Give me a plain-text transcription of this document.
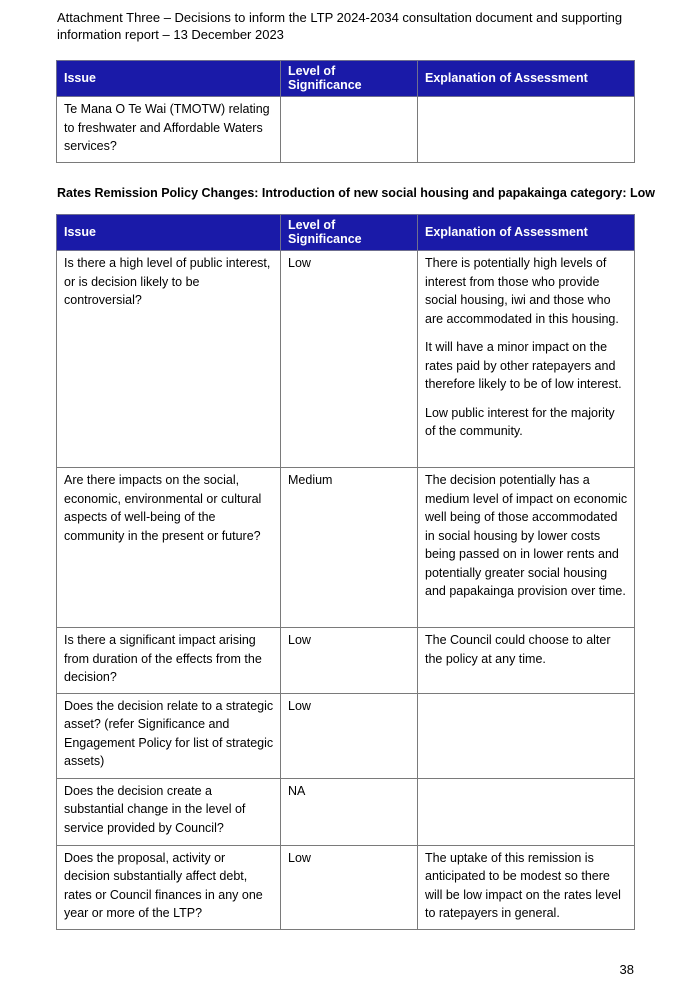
Attachment Three – Decisions to inform the LTP 2024-2034 consultation document and supporting information report – 13 December 2023
Issue	Level of Significance	Explanation of Assessment
Te Mana O Te Wai (TMOTW) relating to freshwater and Affordable Waters services?		
Rates Remission Policy Changes: Introduction of new social housing and papakainga category: Low
Issue	Level of Significance	Explanation of Assessment
Is there a high level of public interest, or is decision likely to be controversial?	Low	There is potentially high levels of interest from those who provide social housing, iwi and those who are accommodated in this housing.

It will have a minor impact on the rates paid by other ratepayers and therefore likely to be of low interest.

Low public interest for the majority of the community.

Are there impacts on the social, economic, environmental or cultural aspects of well-being of the community in the present or future?	Medium	The decision potentially has a medium level of impact on economic well being of those accommodated in social housing by lower costs being passed on in lower rents and potentially greater social housing and papakainga provision over time.

Is there a significant impact arising from duration of the effects from the decision?	Low	The Council could choose to alter the policy at any time.

Does the decision relate to a strategic asset? (refer Significance and Engagement Policy for list of strategic assets)	Low	
Does the decision create a substantial change in the level of service provided by Council?	NA	
Does the proposal, activity or decision substantially affect debt, rates or Council finances in any one year or more of the LTP?	Low	The uptake of this remission is anticipated to be modest so there will be low impact on the rates level to ratepayers in general.

38
